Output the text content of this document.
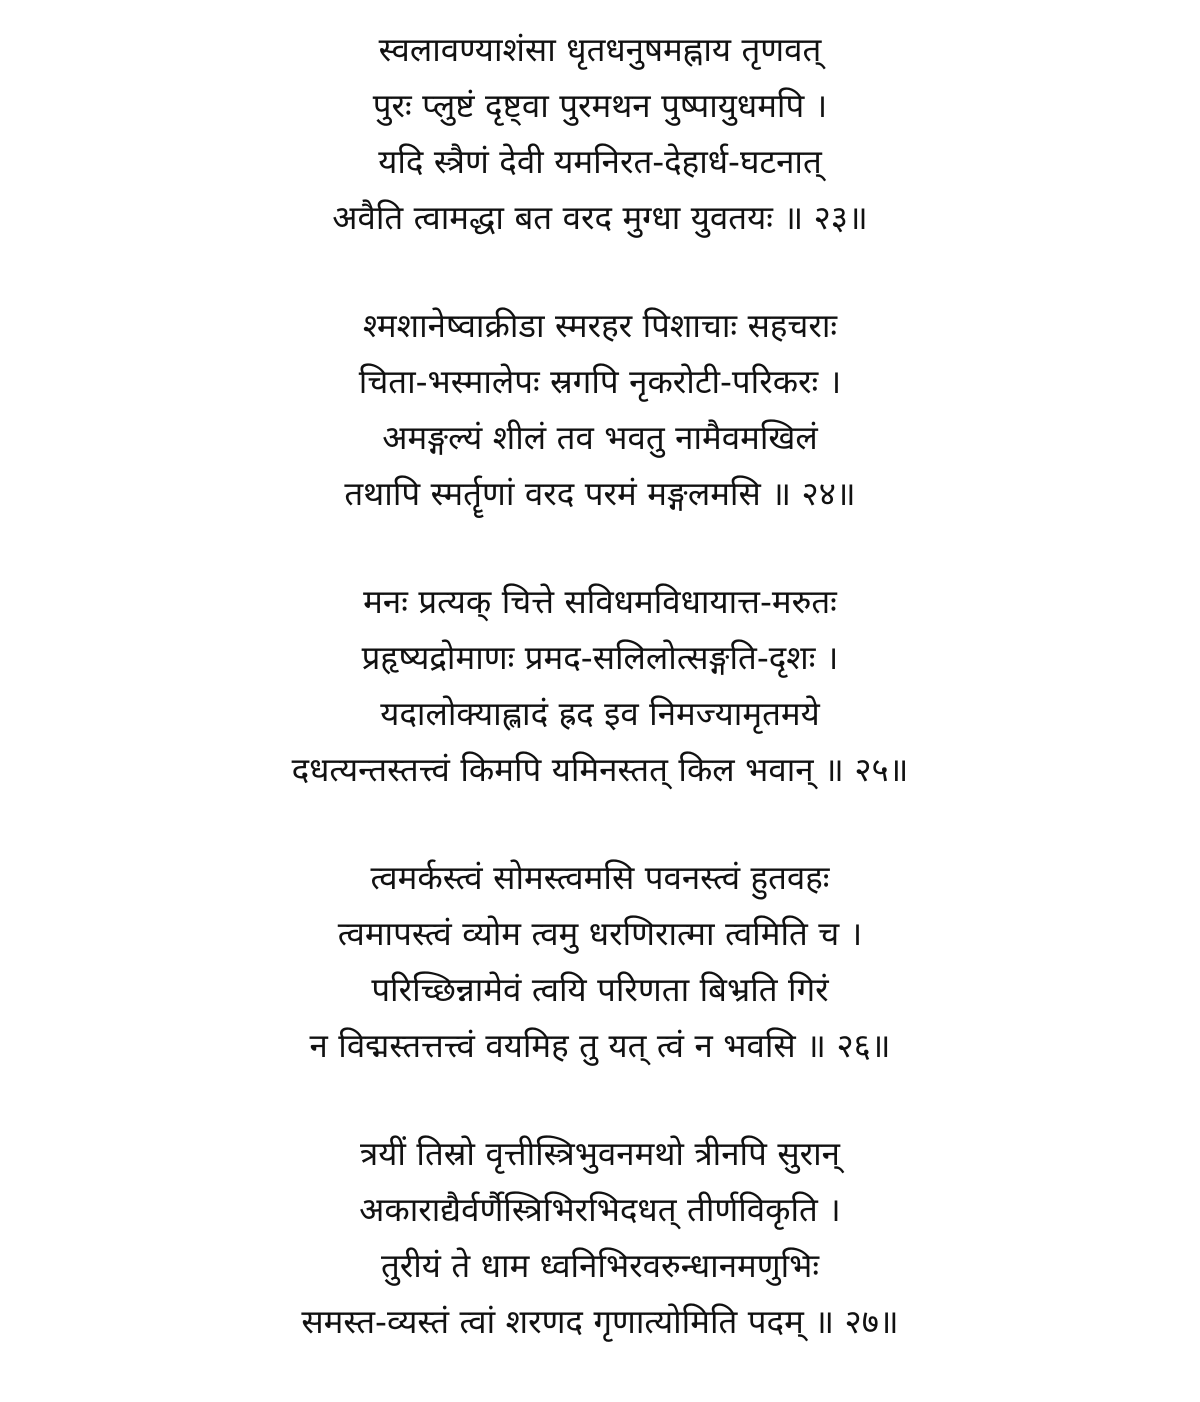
स्वलावण्याशंसा धृतधनुषमह्नाय तृणवत्
पुरः प्लुष्टं दृष्ट्वा पुरमथन पुष्पायुधमपि ।
यदि स्त्रैणं देवी यमनिरत-देहार्ध-घटनात्
अवैति त्वामद्धा बत वरद मुग्धा युवतयः ॥ २३॥
श्मशानेष्वाक्रीडा स्मरहर पिशाचाः सहचराः
चिता-भस्मालेपः स्रगपि नृकरोटी-परिकरः ।
अमङ्गल्यं शीलं तव भवतु नामैवमखिलं
तथापि स्मर्तॄणां वरद परमं मङ्गलमसि ॥ २४॥
मनः प्रत्यक् चित्ते सविधमविधायात्त-मरुतः
प्रहृष्यद्रोमाणः प्रमद-सलिलोत्सङ्गति-दृशः ।
यदालोक्याह्लादं ह्रद इव निमज्यामृतमये
दधत्यन्तस्तत्त्वं किमपि यमिनस्तत् किल भवान् ॥ २५॥
त्वमर्कस्त्वं सोमस्त्वमसि पवनस्त्वं हुतवहः
त्वमापस्त्वं व्योम त्वमु धरणिरात्मा त्वमिति च ।
परिच्छिन्नामेवं त्वयि परिणता बिभ्रति गिरं
न विद्मस्तत्तत्त्वं वयमिह तु यत् त्वं न भवसि ॥ २६॥
त्रयीं तिस्रो वृत्तीस्त्रिभुवनमथो त्रीनपि सुरान्
अकाराद्यैर्वर्णैस्त्रिभिरभिदधत् तीर्णविकृति ।
तुरीयं ते धाम ध्वनिभिरवरुन्धानमणुभिः
समस्त-व्यस्तं त्वां शरणद गृणात्योमिति पदम् ॥ २७॥
